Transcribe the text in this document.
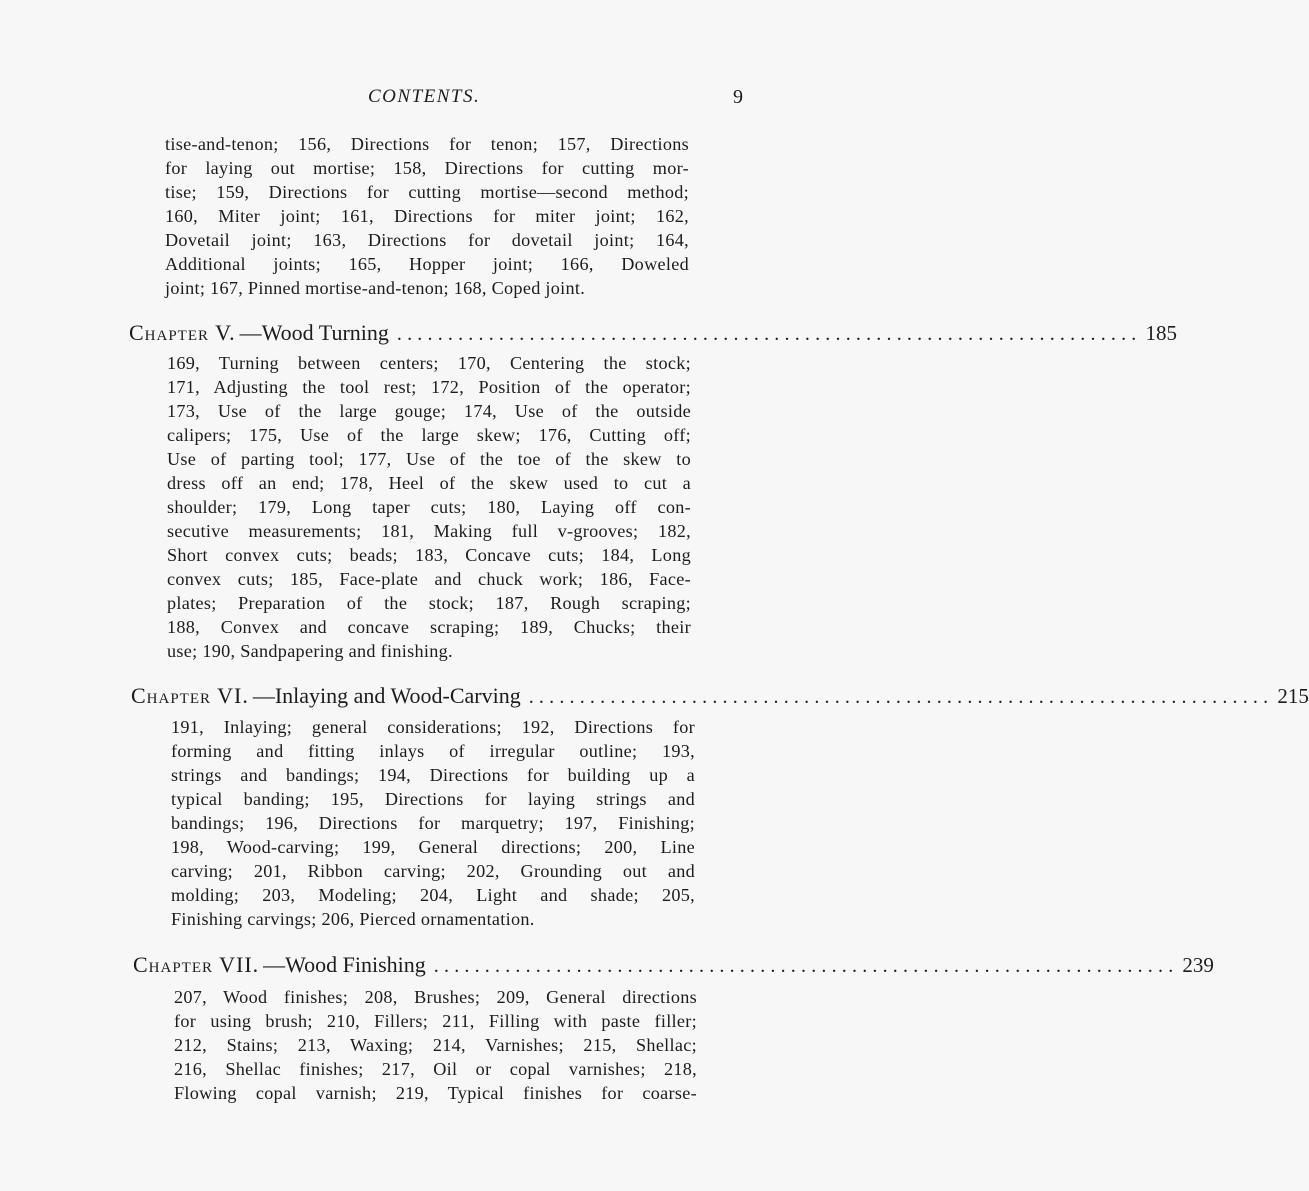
CONTENTS.	9
tise-and-tenon; 156, Directions for tenon; 157, Directions
for laying out mortise; 158, Directions for cutting mor-
tise; 159, Directions for cutting mortise—second method;
160, Miter joint; 161, Directions for miter joint; 162,
Dovetail joint; 163, Directions for dovetail joint; 164,
Additional joints; 165, Hopper joint; 166, Doweled
joint; 167, Pinned mortise-and-tenon; 168, Coped joint.
Chapter V. —Wood Turning ......................................................................... 185
169, Turning between centers; 170, Centering the stock;
171, Adjusting the tool rest; 172, Position of the operator;
173, Use of the large gouge; 174, Use of the outside
calipers; 175, Use of the large skew; 176, Cutting off;
Use of parting tool; 177, Use of the toe of the skew to
dress off an end; 178, Heel of the skew used to cut a
shoulder; 179, Long taper cuts; 180, Laying off con-
secutive measurements; 181, Making full v-grooves; 182,
Short convex cuts; beads; 183, Concave cuts; 184, Long
convex cuts; 185, Face-plate and chuck work; 186, Face-
plates; Preparation of the stock; 187, Rough scraping;
188, Convex and concave scraping; 189, Chucks; their
use; 190, Sandpapering and finishing.
Chapter VI. —Inlaying and Wood-Carving ......................................................................... 215
191, Inlaying; general considerations; 192, Directions for
forming and fitting inlays of irregular outline; 193,
strings and bandings; 194, Directions for building up a
typical banding; 195, Directions for laying strings and
bandings; 196, Directions for marquetry; 197, Finishing;
198, Wood-carving; 199, General directions; 200, Line
carving; 201, Ribbon carving; 202, Grounding out and
molding; 203, Modeling; 204, Light and shade; 205,
Finishing carvings; 206, Pierced ornamentation.
Chapter VII. —Wood Finishing ......................................................................... 239
207, Wood finishes; 208, Brushes; 209, General directions
for using brush; 210, Fillers; 211, Filling with paste filler;
212, Stains; 213, Waxing; 214, Varnishes; 215, Shellac;
216, Shellac finishes; 217, Oil or copal varnishes; 218,
Flowing copal varnish; 219, Typical finishes for coarse-
